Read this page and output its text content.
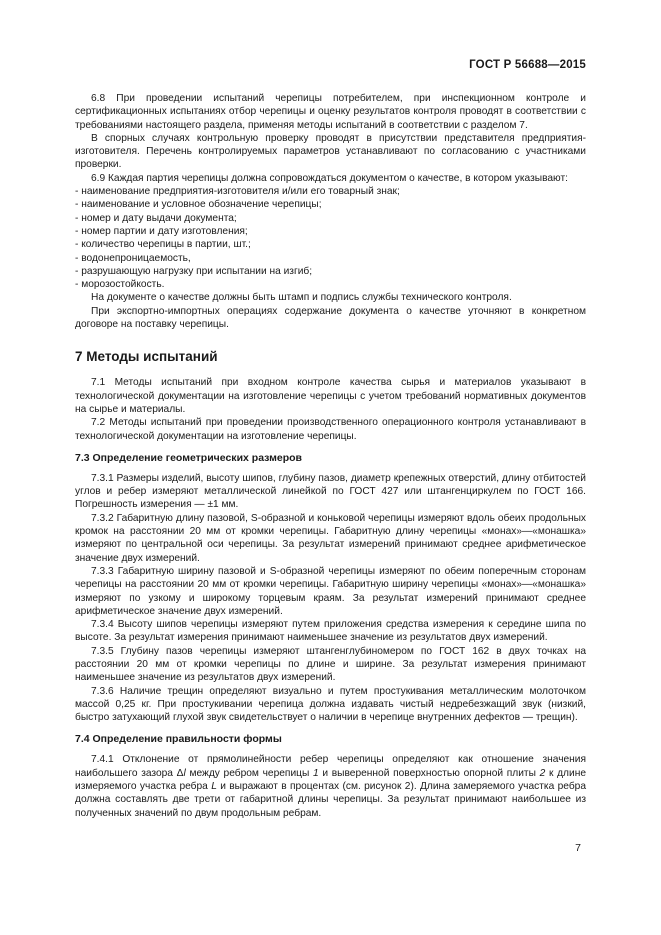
ГОСТ Р 56688—2015

6.8 При проведении испытаний черепицы потребителем, при инспекционном контроле и сертификационных испытаниях отбор черепицы и оценку результатов контроля проводят в соответствии с требованиями настоящего раздела, применяя методы испытаний в соответствии с разделом 7.

В спорных случаях контрольную проверку проводят в присутствии представителя предприятия-изготовителя. Перечень контролируемых параметров устанавливают по согласованию с участниками проверки.

6.9 Каждая партия черепицы должна сопровождаться документом о качестве, в котором указывают:

- наименование предприятия-изготовителя и/или его товарный знак;

- наименование и условное обозначение черепицы;

- номер и дату выдачи документа;

- номер партии и дату изготовления;

- количество черепицы в партии, шт.;

- водонепроницаемость,

- разрушающую нагрузку при испытании на изгиб;

- морозостойкость.

На документе о качестве должны быть штамп и подпись службы технического контроля.

При экспортно-импортных операциях содержание документа о качестве уточняют в конкретном договоре на поставку черепицы.

7 Методы испытаний

7.1 Методы испытаний при входном контроле качества сырья и материалов указывают в технологической документации на изготовление черепицы с учетом требований нормативных документов на сырье и материалы.

7.2 Методы испытаний при проведении производственного операционного контроля устанавливают в технологической документации на изготовление черепицы.

7.3 Определение геометрических размеров

7.3.1 Размеры изделий, высоту шипов, глубину пазов, диаметр крепежных отверстий, длину отбитостей углов и ребер измеряют металлической линейкой по ГОСТ 427 или штангенциркулем по ГОСТ 166. Погрешность измерения — ±1 мм.

7.3.2 Габаритную длину пазовой, S-образной и коньковой черепицы измеряют вдоль обеих продольных кромок на расстоянии 20 мм от кромки черепицы. Габаритную длину черепицы «монах»—«монашка» измеряют по центральной оси черепицы. За результат измерений принимают среднее арифметическое значение двух измерений.

7.3.3 Габаритную ширину пазовой и S-образной черепицы измеряют по обеим поперечным сторонам черепицы на расстоянии 20 мм от кромки черепицы. Габаритную ширину черепицы «монах»—«монашка» измеряют по узкому и широкому торцевым краям. За результат измерений принимают среднее арифметическое значение двух измерений.

7.3.4 Высоту шипов черепицы измеряют путем приложения средства измерения к середине шипа по высоте. За результат измерения принимают наименьшее значение из результатов двух измерений.

7.3.5 Глубину пазов черепицы измеряют штангенглубиномером по ГОСТ 162 в двух точках на расстоянии 20 мм от кромки черепицы по длине и ширине. За результат измерения принимают наименьшее значение из результатов двух измерений.

7.3.6 Наличие трещин определяют визуально и путем простукивания металлическим молоточком массой 0,25 кг. При простукивании черепица должна издавать чистый недребезжащий звук (низкий, быстро затухающий глухой звук свидетельствует о наличии в черепице внутренних дефектов — трещин).

7.4 Определение правильности формы

7.4.1 Отклонение от прямолинейности ребер черепицы определяют как отношение значения наибольшего зазора Δl между ребром черепицы 1 и выверенной поверхностью опорной плиты 2 к длине измеряемого участка ребра L и выражают в процентах (см. рисунок 2). Длина замеряемого участка ребра должна составлять две трети от габаритной длины черепицы. За результат принимают наибольшее из полученных значений по двум продольным ребрам.

7
